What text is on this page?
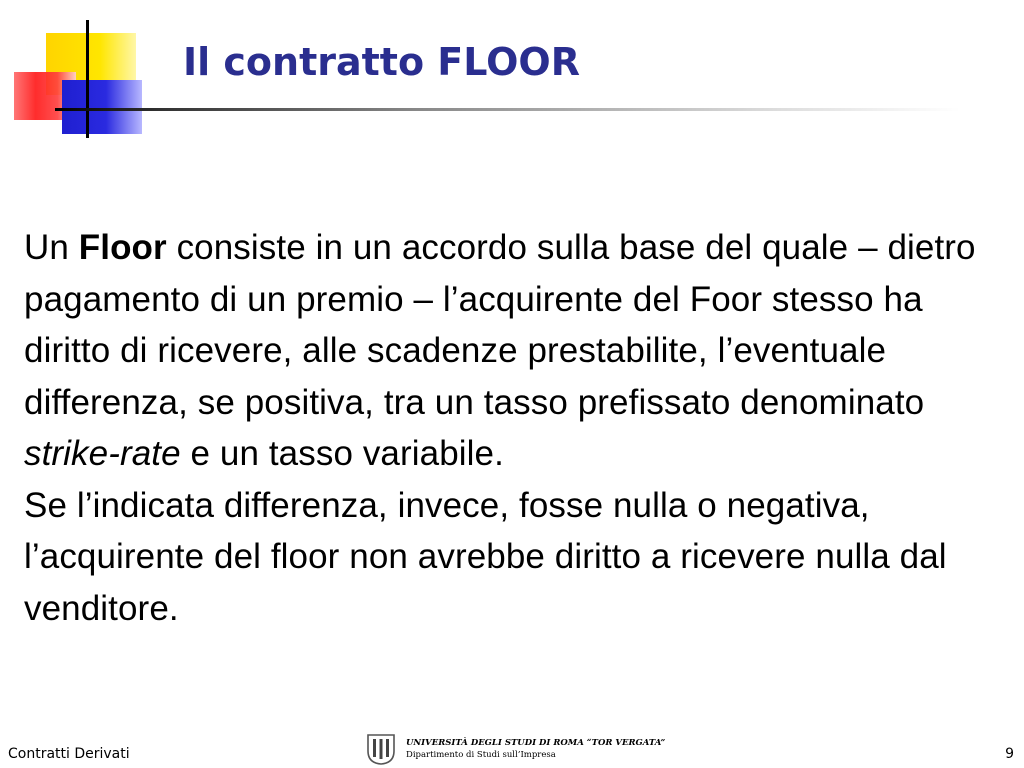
Il contratto FLOOR

Un Floor consiste in un accordo sulla base del quale – dietro pagamento di un premio – l’acquirente del Foor stesso ha diritto di ricevere, alle scadenze prestabilite, l’eventuale differenza, se positiva, tra un tasso prefissato denominato strike-rate e un tasso variabile.

Se l’indicata differenza, invece, fosse nulla o negativa, l’acquirente del floor non avrebbe diritto a ricevere nulla dal venditore.

Contratti Derivati
UNIVERSITÀ DEGLI STUDI DI ROMA “TOR VERGATA”
Dipartimento di Studi sull’Impresa	9
